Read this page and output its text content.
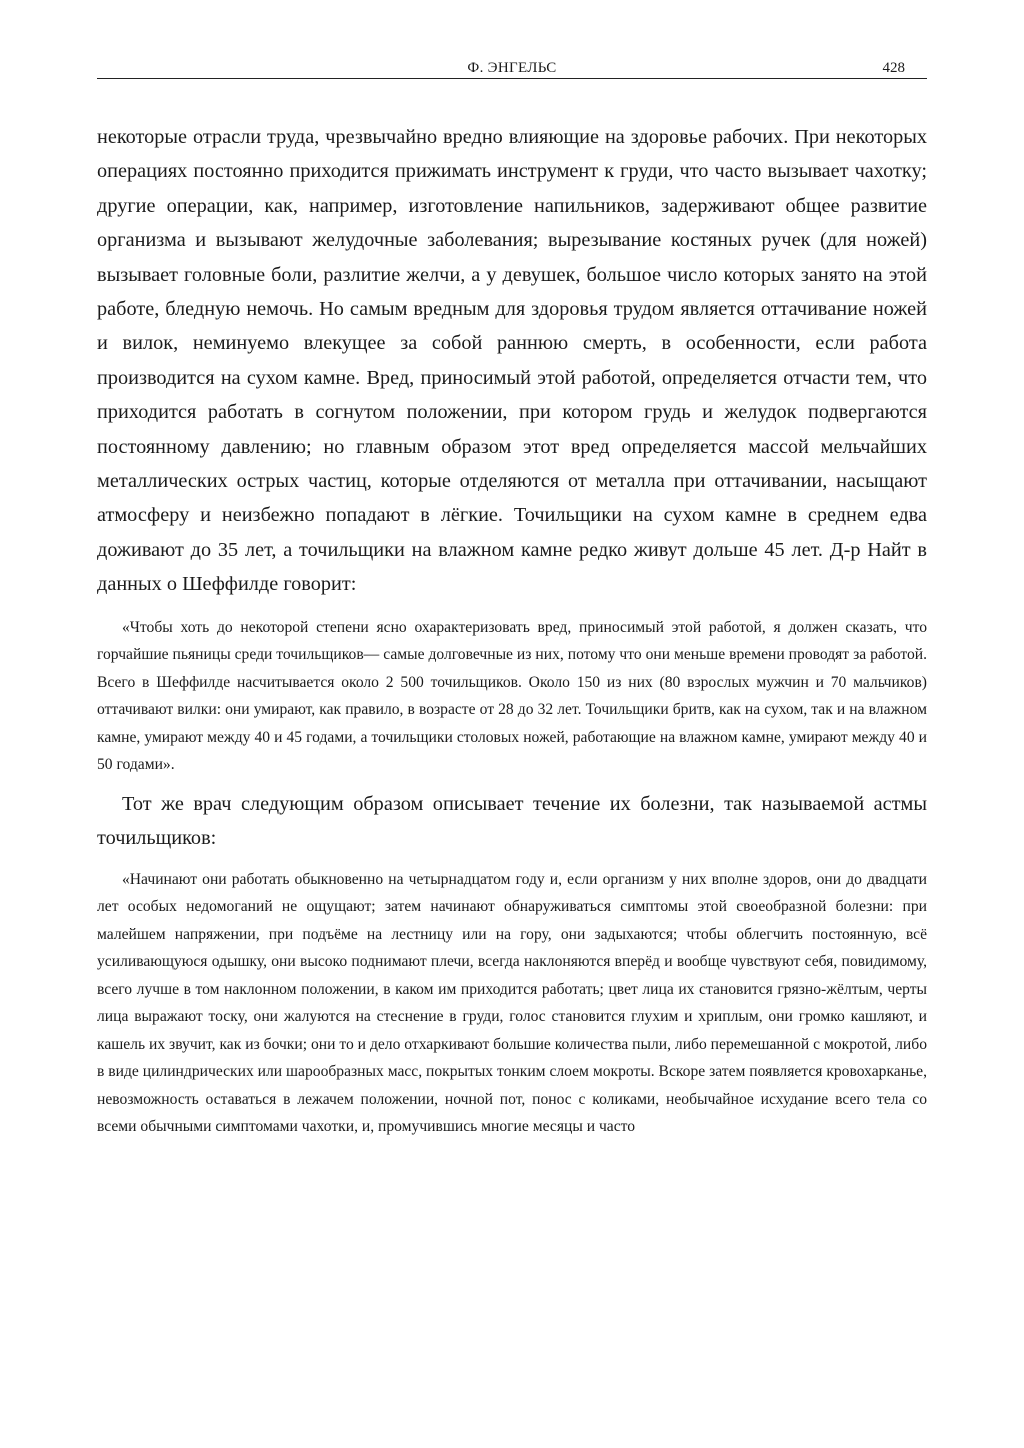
Ф. ЭНГЕЛЬС	428

некоторые отрасли труда, чрезвычайно вредно влияющие на здоровье рабочих. При некоторых операциях постоянно приходится прижимать инструмент к груди, что часто вызывает чахотку; другие операции, как, например, изготовление напильников, задерживают общее развитие организма и вызывают желудочные заболевания; вырезывание костяных ручек (для ножей) вызывает головные боли, разлитие желчи, а у девушек, большое число которых занято на этой работе, бледную немочь. Но самым вредным для здоровья трудом является оттачивание ножей и вилок, неминуемо влекущее за собой раннюю смерть, в особенности, если работа производится на сухом камне. Вред, приносимый этой работой, определяется отчасти тем, что приходится работать в согнутом положении, при котором грудь и желудок подвергаются постоянному давлению; но главным образом этот вред определяется массой мельчайших металлических острых частиц, которые отделяются от металла при оттачивании, насыщают атмосферу и неизбежно попадают в лёгкие. Точильщики на сухом камне в среднем едва доживают до 35 лет, а точильщики на влажном камне редко живут дольше 45 лет. Д-р Найт в данных о Шеффилде говорит:

«Чтобы хоть до некоторой степени ясно охарактеризовать вред, приносимый этой работой, я должен сказать, что горчайшие пьяницы среди точильщиков— самые долговечные из них, потому что они меньше времени проводят за работой. Всего в Шеффилде насчитывается около 2 500 точильщиков. Около 150 из них (80 взрослых мужчин и 70 мальчиков) оттачивают вилки: они умирают, как правило, в возрасте от 28 до 32 лет. Точильщики бритв, как на сухом, так и на влажном камне, умирают между 40 и 45 годами, а точильщики столовых ножей, работающие на влажном камне, умирают между 40 и 50 годами».

Тот же врач следующим образом описывает течение их болезни, так называемой астмы точильщиков:

«Начинают они работать обыкновенно на четырнадцатом году и, если организм у них вполне здоров, они до двадцати лет особых недомоганий не ощущают; затем начинают обнаруживаться симптомы этой своеобразной болезни: при малейшем напряжении, при подъёме на лестницу или на гору, они задыхаются; чтобы облегчить постоянную, всё усиливающуюся одышку, они высоко поднимают плечи, всегда наклоняются вперёд и вообще чувствуют себя, повидимому, всего лучше в том наклонном положении, в каком им приходится работать; цвет лица их становится грязно-жёлтым, черты лица выражают тоску, они жалуются на стеснение в груди, голос становится глухим и хриплым, они громко кашляют, и кашель их звучит, как из бочки; они то и дело отхаркивают большие количества пыли, либо перемешанной с мокротой, либо в виде цилиндрических или шарообразных масс, покрытых тонким слоем мокроты. Вскоре затем появляется кровохарканье, невозможность оставаться в лежачем положении, ночной пот, понос с коликами, необычайное исхудание всего тела со всеми обычными симптомами чахотки, и, промучившись многие месяцы и часто
